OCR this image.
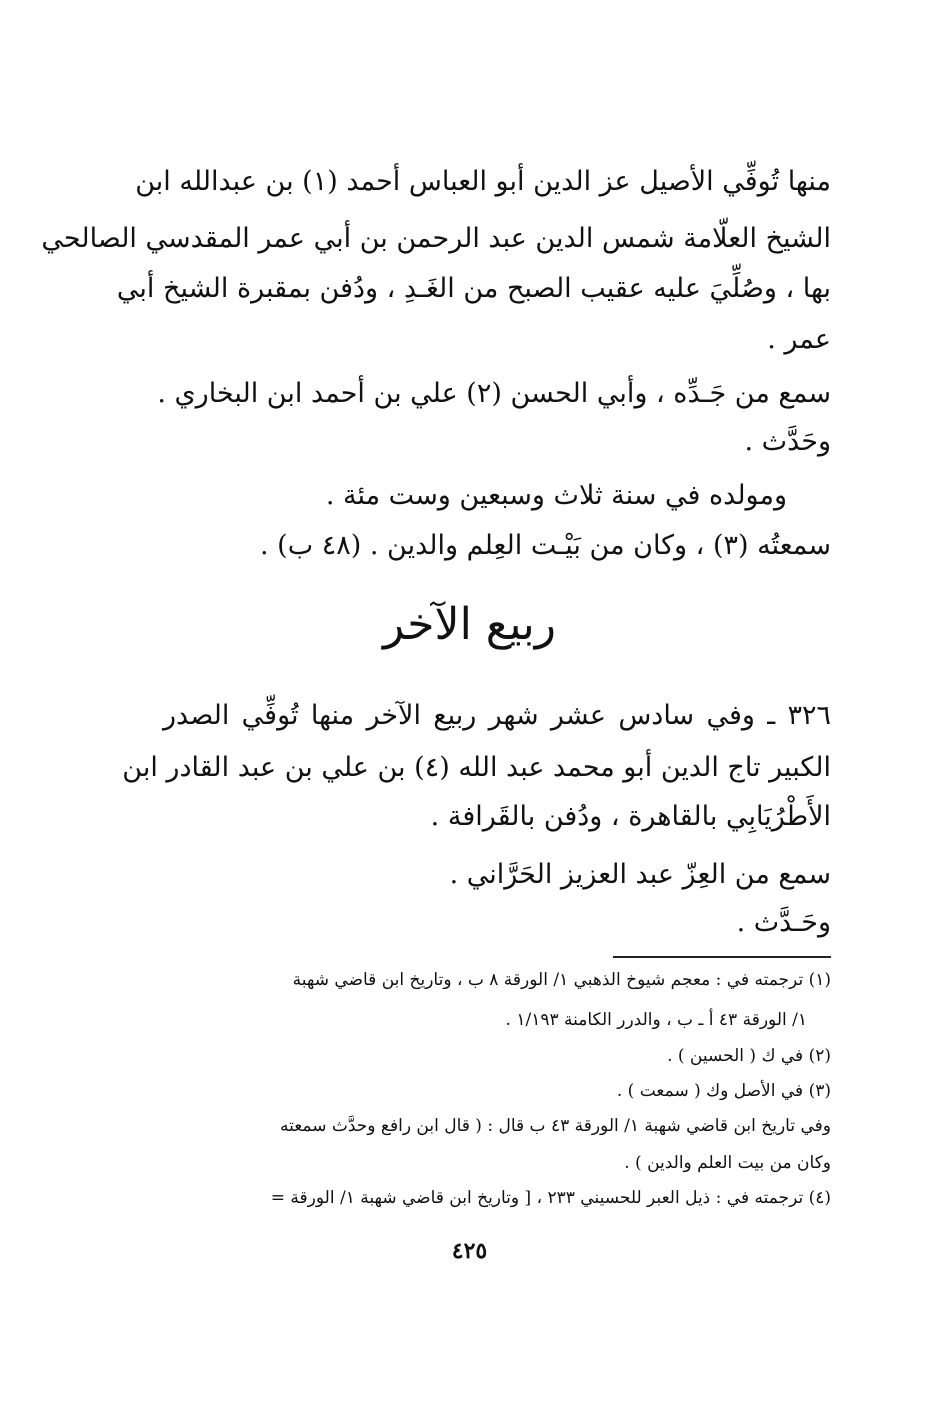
منها تُوفِّي الأصيل عز الدين أبو العباس أحمد (١) بن عبدالله ابن
الشيخ العلّامة شمس الدين عبد الرحمن بن أبي عمر المقدسي الصالحي
بها ، وصُلِّيَ عليه عقيب الصبح من الغَـدِ ، ودُفن بمقبرة الشيخ أبي
عمر .
سمع من جَـدِّه ، وأبي الحسن (٢) علي بن أحمد ابن البخاري .
وحَدَّث .
ومولده في سنة ثلاث وسبعين وست مئة .
سمعتُه (٣) ، وكان من بَيْـت العِلم والدين . (٤٨ ب) .
ربيع الآخر
٣٢٦ ـ وفي سادس عشر شهر ربيع الآخر منها تُوفِّي الصدر
الكبير تاج الدين أبو محمد عبد الله (٤) بن علي بن عبد القادر ابن
الأَطْرُيَابِي بالقاهرة ، ودُفن بالقَرافة .
سمع من العِزّ عبد العزيز الحَرَّاني .
وحَـدَّث .
(١) ترجمته في : معجم شيوخ الذهبي ١/ الورقة ٨ ب ، وتاريخ ابن قاضي شهبة
١/ الورقة ٤٣ أ ـ ب ، والدرر الكامنة ١/١٩٣ .
(٢) في ك ( الحسين ) .
(٣) في الأصل وك ( سمعت ) .
وفي تاريخ ابن قاضي شهبة ١/ الورقة ٤٣ ب قال : ( قال ابن رافع وحدَّث سمعته
وكان من بيت العلم والدين ) .
(٤) ترجمته في : ذيل العبر للحسيني ٢٣٣ ، [ وتاريخ ابن قاضي شهبة ١/ الورقة =
٤٢٥
